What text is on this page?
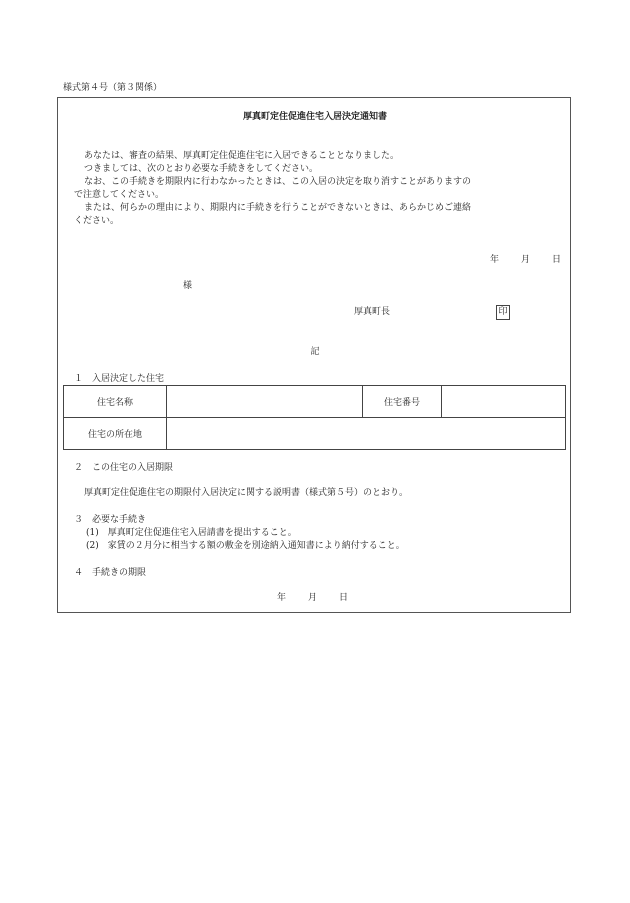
様式第４号（第３関係）
厚真町定住促進住宅入居決定通知書
あなたは、審査の結果、厚真町定住促進住宅に入居できることとなりました。
つきましては、次のとおり必要な手続きをしてください。
なお、この手続きを期限内に行わなかったときは、この入居の決定を取り消すことがありますの
で注意してください。
または、何らかの理由により、期限内に手続きを行うことができないときは、あらかじめご連絡
ください。
年 月 日
様
厚真町長	印
記
１　入居決定した住宅
住宅名称		住宅番号	
住宅の所在地			
２　この住宅の入居期限
厚真町定住促進住宅の期限付入居決定に関する説明書（様式第５号）のとおり。
３　必要な手続き
(1)　厚真町定住促進住宅入居請書を提出すること。
(2)　家賃の２月分に相当する額の敷金を別途納入通知書により納付すること。
４　手続きの期限
年 月 日
